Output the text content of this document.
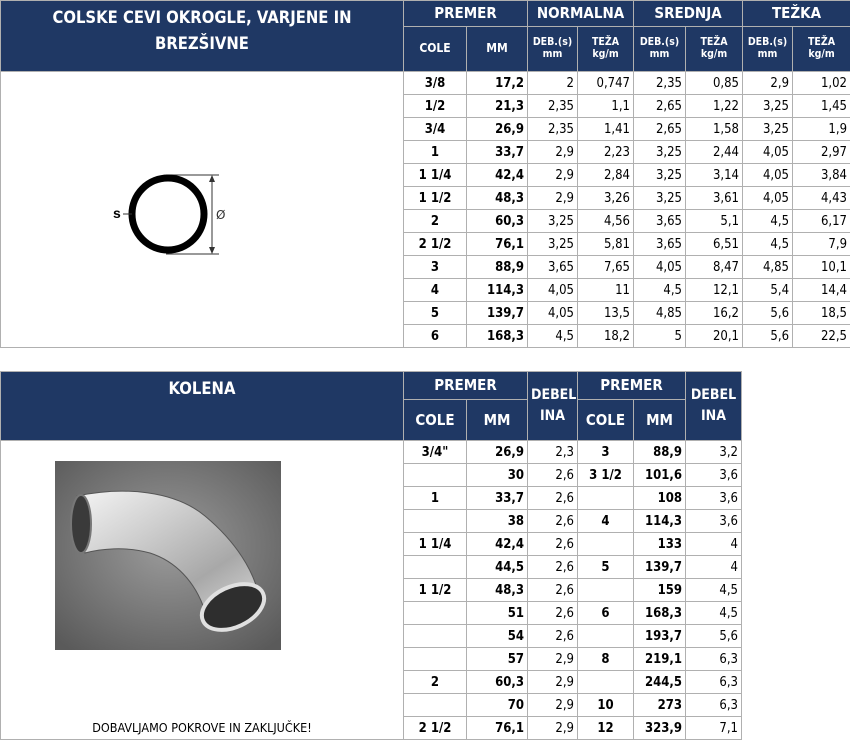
COLSKE CEVI OKROGLE, VARJENE IN BREZŠIVNE	PREMER		NORMALNA		SREDNJA		TEŽKA	
	COLE	MM	DEB.(s) mm	TEŽA kg/m	DEB.(s) mm	TEŽA kg/m	DEB.(s) mm	TEŽA kg/m

s Ø	3/8	17,2	2	0,747	2,35	0,85	2,9	1,02
	1/2	21,3	2,35	1,1	2,65	1,22	3,25	1,45
	3/4	26,9	2,35	1,41	2,65	1,58	3,25	1,9
	1	33,7	2,9	2,23	3,25	2,44	4,05	2,97
	1 1/4	42,4	2,9	2,84	3,25	3,14	4,05	3,84
	1 1/2	48,3	2,9	3,26	3,25	3,61	4,05	4,43
	2	60,3	3,25	4,56	3,65	5,1	4,5	6,17
	2 1/2	76,1	3,25	5,81	3,65	6,51	4,5	7,9
	3	88,9	3,65	7,65	4,05	8,47	4,85	10,1
	4	114,3	4,05	11	4,5	12,1	5,4	14,4
	5	139,7	4,05	13,5	4,85	16,2	5,6	18,5
	6	168,3	4,5	18,2	5	20,1	5,6	22,5
KOLENA	PREMER		DEBEL INA	PREMER		DEBEL INA
	COLE	MM		COLE	MM	

DOBAVLJAMO POKROVE IN ZAKLJUČKE!	3/4"	26,9	2,3	3	88,9	3,2
		30	2,6	3 1/2	101,6	3,6
	1	33,7	2,6		108	3,6
		38	2,6	4	114,3	3,6
	1 1/4	42,4	2,6		133	4
		44,5	2,6	5	139,7	4
	1 1/2	48,3	2,6		159	4,5
		51	2,6	6	168,3	4,5
		54	2,6		193,7	5,6
		57	2,9	8	219,1	6,3
	2	60,3	2,9		244,5	6,3
		70	2,9	10	273	6,3
	2 1/2	76,1	2,9	12	323,9	7,1
